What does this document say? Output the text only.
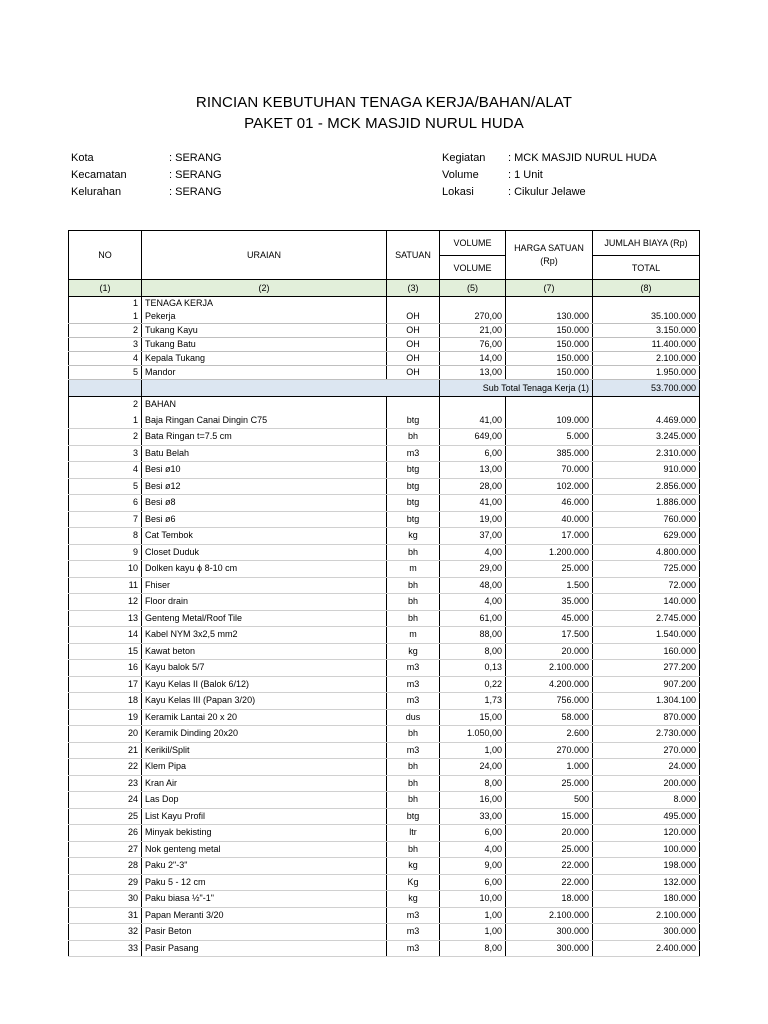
RINCIAN KEBUTUHAN TENAGA KERJA/BAHAN/ALAT
PAKET 01 - MCK MASJID NURUL HUDA
Kota	: SERANG
Kecamatan	: SERANG
Kelurahan	: SERANG
Kegiatan	: MCK MASJID NURUL HUDA
Volume	: 1 Unit
Lokasi	: Cikulur Jelawe
NO	URAIAN	SATUAN	VOLUME	HARGA SATUAN (Rp)	JUMLAH BIAYA (Rp)
			VOLUME		TOTAL
(1)	(2)	(3)	(5)	(7)	(8)
1	TENAGA KERJA				
1	Pekerja	OH	270,00	130.000	35.100.000
2	Tukang Kayu	OH	21,00	150.000	3.150.000
3	Tukang Batu	OH	76,00	150.000	11.400.000
4	Kepala Tukang	OH	14,00	150.000	2.100.000
5	Mandor	OH	13,00	150.000	1.950.000
			Sub Total Tenaga Kerja (1)		53.700.000
2	BAHAN				
1	Baja Ringan Canai Dingin C75	btg	41,00	109.000	4.469.000
2	Bata Ringan t=7.5 cm	bh	649,00	5.000	3.245.000
3	Batu Belah	m3	6,00	385.000	2.310.000
4	Besi ø10	btg	13,00	70.000	910.000
5	Besi ø12	btg	28,00	102.000	2.856.000
6	Besi ø8	btg	41,00	46.000	1.886.000
7	Besi ø6	btg	19,00	40.000	760.000
8	Cat Tembok	kg	37,00	17.000	629.000
9	Closet Duduk	bh	4,00	1.200.000	4.800.000
10	Dolken kayu ϕ 8-10 cm	m	29,00	25.000	725.000
11	Fhiser	bh	48,00	1.500	72.000
12	Floor drain	bh	4,00	35.000	140.000
13	Genteng Metal/Roof Tile	bh	61,00	45.000	2.745.000
14	Kabel NYM 3x2,5 mm2	m	88,00	17.500	1.540.000
15	Kawat beton	kg	8,00	20.000	160.000
16	Kayu balok 5/7	m3	0,13	2.100.000	277.200
17	Kayu Kelas II (Balok 6/12)	m3	0,22	4.200.000	907.200
18	Kayu Kelas III (Papan 3/20)	m3	1,73	756.000	1.304.100
19	Keramik Lantai 20 x 20	dus	15,00	58.000	870.000
20	Keramik Dinding 20x20	bh	1.050,00	2.600	2.730.000
21	Kerikil/Split	m3	1,00	270.000	270.000
22	Klem Pipa	bh	24,00	1.000	24.000
23	Kran Air	bh	8,00	25.000	200.000
24	Las Dop	bh	16,00	500	8.000
25	List Kayu Profil	btg	33,00	15.000	495.000
26	Minyak bekisting	ltr	6,00	20.000	120.000
27	Nok genteng metal	bh	4,00	25.000	100.000
28	Paku 2"-3"	kg	9,00	22.000	198.000
29	Paku 5 - 12 cm	Kg	6,00	22.000	132.000
30	Paku biasa ½"-1"	kg	10,00	18.000	180.000
31	Papan Meranti 3/20	m3	1,00	2.100.000	2.100.000
32	Pasir Beton	m3	1,00	300.000	300.000
33	Pasir Pasang	m3	8,00	300.000	2.400.000
